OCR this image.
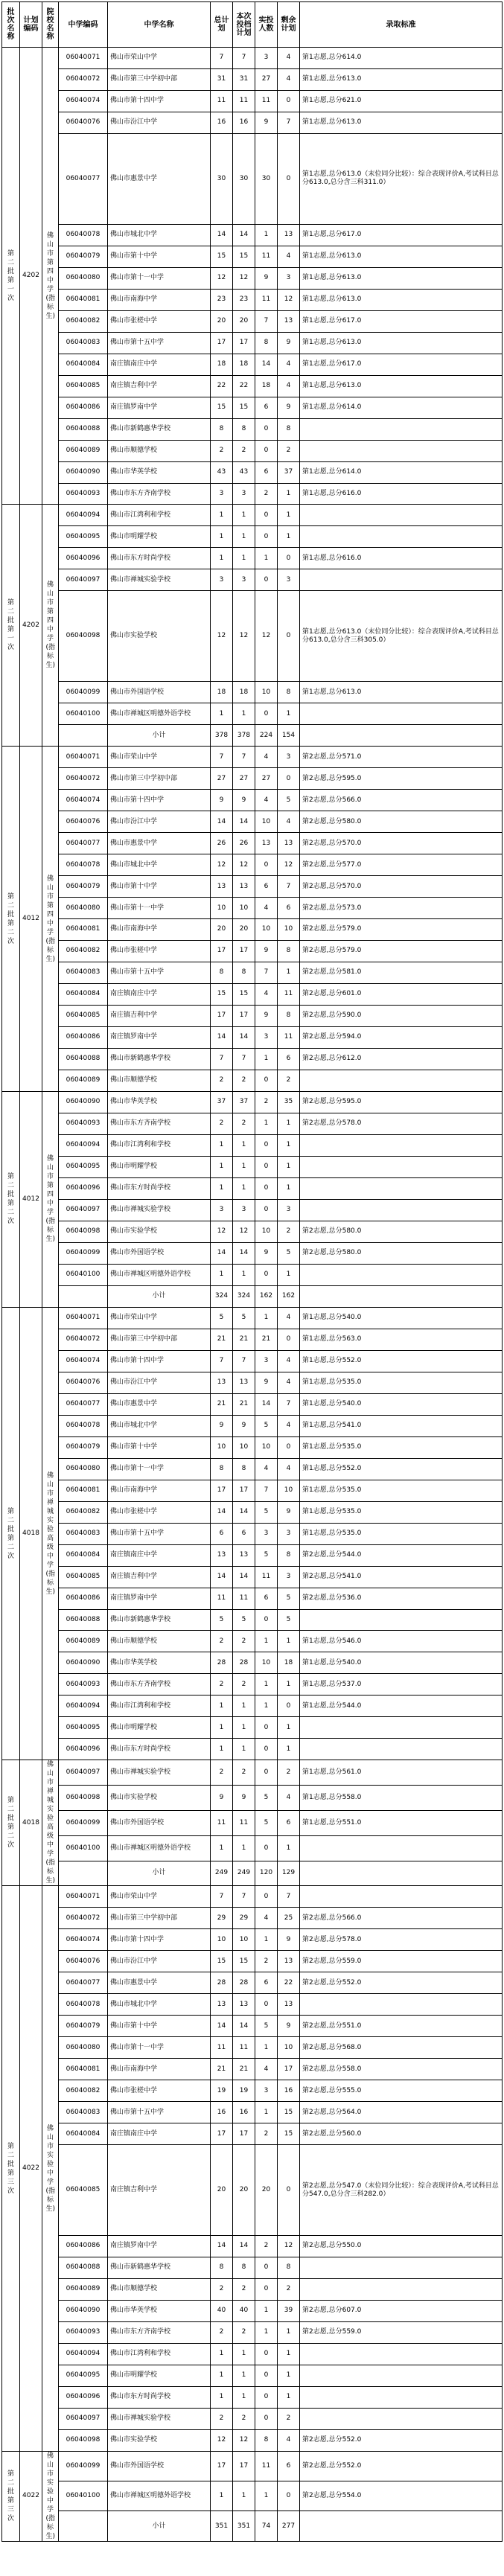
批次名称	计划编码	院校名称	中学编码	中学名称	总计划	本次投档计划	实投人数	剩余计划	录取标准
第二批第一次	4202	佛山市第四中学(指标生)	06040071	佛山市荣山中学	7	7	3	4	第1志愿,总分614.0
			06040072	佛山市第三中学初中部	31	31	27	4	第1志愿,总分613.0
			06040074	佛山市第十四中学	11	11	11	0	第1志愿,总分621.0
			06040076	佛山市汾江中学	16	16	9	7	第1志愿,总分613.0
			06040077	佛山市惠景中学	30	30	30	0	第1志愿,总分613.0（末位同分比较）：综合表现评价A,考试科目总分613.0,总分含三科311.0）
			06040078	佛山市城北中学	14	14	1	13	第1志愿,总分617.0
			06040079	佛山市第十中学	15	15	11	4	第1志愿,总分613.0
			06040080	佛山市第十一中学	12	12	9	3	第1志愿,总分613.0
			06040081	佛山市南海中学	23	23	11	12	第1志愿,总分613.0
			06040082	佛山市张槎中学	20	20	7	13	第1志愿,总分617.0
			06040083	佛山市第十五中学	17	17	8	9	第1志愿,总分613.0
			06040084	南庄镇南庄中学	18	18	14	4	第1志愿,总分617.0
			06040085	南庄镇吉利中学	22	22	18	4	第1志愿,总分613.0
			06040086	南庄镇罗南中学	15	15	6	9	第1志愿,总分614.0
			06040088	佛山市新鹤惠华学校	8	8	0	8	
			06040089	佛山市顺德学校	2	2	0	2	
			06040090	佛山市华英学校	43	43	6	37	第1志愿,总分614.0
			06040093	佛山市东方齐南学校	3	3	2	1	第1志愿,总分616.0
第二批第一次	4202	佛山市第四中学(指标生)	06040094	佛山市江湾利和学校	1	1	0	1	
			06040095	佛山市明耀学校	1	1	0	1	
			06040096	佛山市东方时尚学校	1	1	1	0	第1志愿,总分616.0
			06040097	佛山市禅城实验学校	3	3	0	3	
			06040098	佛山市实验学校	12	12	12	0	第1志愿,总分613.0（末位同分比较）：综合表现评价A,考试科目总分613.0,总分含三科305.0）
			06040099	佛山市外国语学校	18	18	10	8	第1志愿,总分613.0
			06040100	佛山市禅城区明德外语学校	1	1	0	1	
				小计	378	378	224	154	
第二批第二次	4012	佛山市第四中学(指标生)	06040071	佛山市荣山中学	7	7	4	3	第2志愿,总分571.0
			06040072	佛山市第三中学初中部	27	27	27	0	第2志愿,总分595.0
			06040074	佛山市第十四中学	9	9	4	5	第2志愿,总分566.0
			06040076	佛山市汾江中学	14	14	10	4	第2志愿,总分580.0
			06040077	佛山市惠景中学	26	26	13	13	第2志愿,总分570.0
			06040078	佛山市城北中学	12	12	0	12	第2志愿,总分577.0
			06040079	佛山市第十中学	13	13	6	7	第2志愿,总分570.0
			06040080	佛山市第十一中学	10	10	4	6	第2志愿,总分573.0
			06040081	佛山市南海中学	20	20	10	10	第2志愿,总分579.0
			06040082	佛山市张槎中学	17	17	9	8	第2志愿,总分579.0
			06040083	佛山市第十五中学	8	8	7	1	第2志愿,总分581.0
			06040084	南庄镇南庄中学	15	15	4	11	第2志愿,总分601.0
			06040085	南庄镇吉利中学	17	17	9	8	第2志愿,总分590.0
			06040086	南庄镇罗南中学	14	14	3	11	第2志愿,总分594.0
			06040088	佛山市新鹤惠华学校	7	7	1	6	第2志愿,总分612.0
			06040089	佛山市顺德学校	2	2	0	2	
第二批第二次	4012	佛山市第四中学(指标生)	06040090	佛山市华英学校	37	37	2	35	第2志愿,总分595.0
			06040093	佛山市东方齐南学校	2	2	1	1	第2志愿,总分578.0
			06040094	佛山市江湾利和学校	1	1	0	1	
			06040095	佛山市明耀学校	1	1	0	1	
			06040096	佛山市东方时尚学校	1	1	0	1	
			06040097	佛山市禅城实验学校	3	3	0	3	
			06040098	佛山市实验学校	12	12	10	2	第2志愿,总分580.0
			06040099	佛山市外国语学校	14	14	9	5	第2志愿,总分580.0
			06040100	佛山市禅城区明德外语学校	1	1	0	1	
				小计	324	324	162	162	
第二批第二次	4018	佛山市禅城实验高级中学(指标生)	06040071	佛山市荣山中学	5	5	1	4	第1志愿,总分540.0
			06040072	佛山市第三中学初中部	21	21	21	0	第1志愿,总分563.0
			06040074	佛山市第十四中学	7	7	3	4	第1志愿,总分552.0
			06040076	佛山市汾江中学	13	13	9	4	第1志愿,总分535.0
			06040077	佛山市惠景中学	21	21	14	7	第1志愿,总分540.0
			06040078	佛山市城北中学	9	9	5	4	第1志愿,总分541.0
			06040079	佛山市第十中学	10	10	10	0	第1志愿,总分535.0
			06040080	佛山市第十一中学	8	8	4	4	第1志愿,总分552.0
			06040081	佛山市南海中学	17	17	7	10	第1志愿,总分535.0
			06040082	佛山市张槎中学	14	14	5	9	第1志愿,总分535.0
			06040083	佛山市第十五中学	6	6	3	3	第1志愿,总分535.0
			06040084	南庄镇南庄中学	13	13	5	8	第2志愿,总分544.0
			06040085	南庄镇吉利中学	14	14	11	3	第2志愿,总分541.0
			06040086	南庄镇罗南中学	11	11	6	5	第2志愿,总分536.0
			06040088	佛山市新鹤惠华学校	5	5	0	5	
			06040089	佛山市顺德学校	2	2	1	1	第1志愿,总分546.0
			06040090	佛山市华英学校	28	28	10	18	第1志愿,总分540.0
			06040093	佛山市东方齐南学校	2	2	1	1	第1志愿,总分537.0
			06040094	佛山市江湾利和学校	1	1	1	0	第1志愿,总分544.0
			06040095	佛山市明耀学校	1	1	0	1	
			06040096	佛山市东方时尚学校	1	1	0	1	
第二批第二次	4018	佛山市禅城实验高级中学(指标生)	06040097	佛山市禅城实验学校	2	2	0	2	第1志愿,总分561.0
			06040098	佛山市实验学校	9	9	5	4	第1志愿,总分558.0
			06040099	佛山市外国语学校	11	11	5	6	第1志愿,总分551.0
			06040100	佛山市禅城区明德外语学校	1	1	0	1	
				小计	249	249	120	129	
第二批第三次	4022	佛山市实验中学(指标生)	06040071	佛山市荣山中学	7	7	0	7	
			06040072	佛山市第三中学初中部	29	29	4	25	第2志愿,总分566.0
			06040074	佛山市第十四中学	10	10	1	9	第2志愿,总分578.0
			06040076	佛山市汾江中学	15	15	2	13	第2志愿,总分559.0
			06040077	佛山市惠景中学	28	28	6	22	第2志愿,总分552.0
			06040078	佛山市城北中学	13	13	0	13	
			06040079	佛山市第十中学	14	14	5	9	第2志愿,总分551.0
			06040080	佛山市第十一中学	11	11	1	10	第2志愿,总分568.0
			06040081	佛山市南海中学	21	21	4	17	第2志愿,总分558.0
			06040082	佛山市张槎中学	19	19	3	16	第2志愿,总分555.0
			06040083	佛山市第十五中学	16	16	1	15	第2志愿,总分564.0
			06040084	南庄镇南庄中学	17	17	2	15	第2志愿,总分560.0
			06040085	南庄镇吉利中学	20	20	20	0	第2志愿,总分547.0（末位同分比较）：综合表现评价A,考试科目总分547.0,总分含三科282.0）
			06040086	南庄镇罗南中学	14	14	2	12	第2志愿,总分550.0
			06040088	佛山市新鹤惠华学校	8	8	0	8	
			06040089	佛山市顺德学校	2	2	0	2	
			06040090	佛山市华英学校	40	40	1	39	第2志愿,总分607.0
			06040093	佛山市东方齐南学校	2	2	1	1	第2志愿,总分559.0
			06040094	佛山市江湾利和学校	1	1	0	1	
			06040095	佛山市明耀学校	1	1	0	1	
			06040096	佛山市东方时尚学校	1	1	0	1	
			06040097	佛山市禅城实验学校	2	2	0	2	
			06040098	佛山市实验学校	12	12	8	4	第2志愿,总分552.0
第二批第三次	4022	佛山市实验中学(指标生)	06040099	佛山市外国语学校	17	17	11	6	第2志愿,总分552.0
			06040100	佛山市禅城区明德外语学校	1	1	1	0	第2志愿,总分554.0
				小计	351	351	74	277	
